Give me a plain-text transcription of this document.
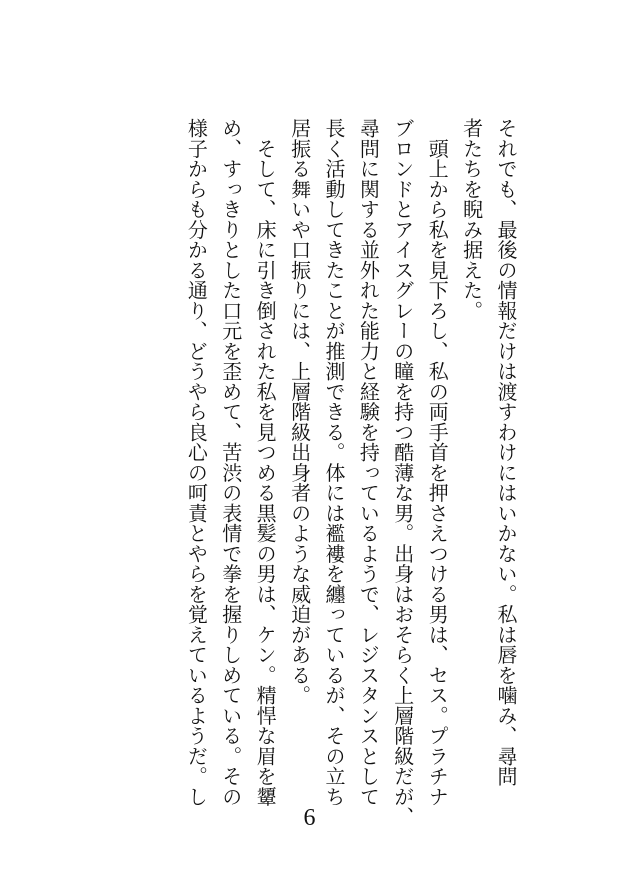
それでも、最後の情報だけは渡すわけにはいかない。私は唇を噛み、尋問
者たちを睨み据えた。
　頭上から私を見下ろし、私の両手首を押さえつける男は、セス。プラチナ
ブロンドとアイスグレーの瞳を持つ酷薄な男。出身はおそらく上層階級だが、
尋問に関する並外れた能力と経験を持っているようで、レジスタンスとして
長く活動してきたことが推測できる。体には襤褸を纏っているが、その立ち
居振る舞いや口振りには、上層階級出身者のような威迫がある。
　そして、床に引き倒された私を見つめる黒髪の男は、ケン。精悍な眉を顰
め、すっきりとした口元を歪めて、苦渋の表情で拳を握りしめている。その
様子からも分かる通り、どうやら良心の呵責とやらを覚えているようだ。し
6
